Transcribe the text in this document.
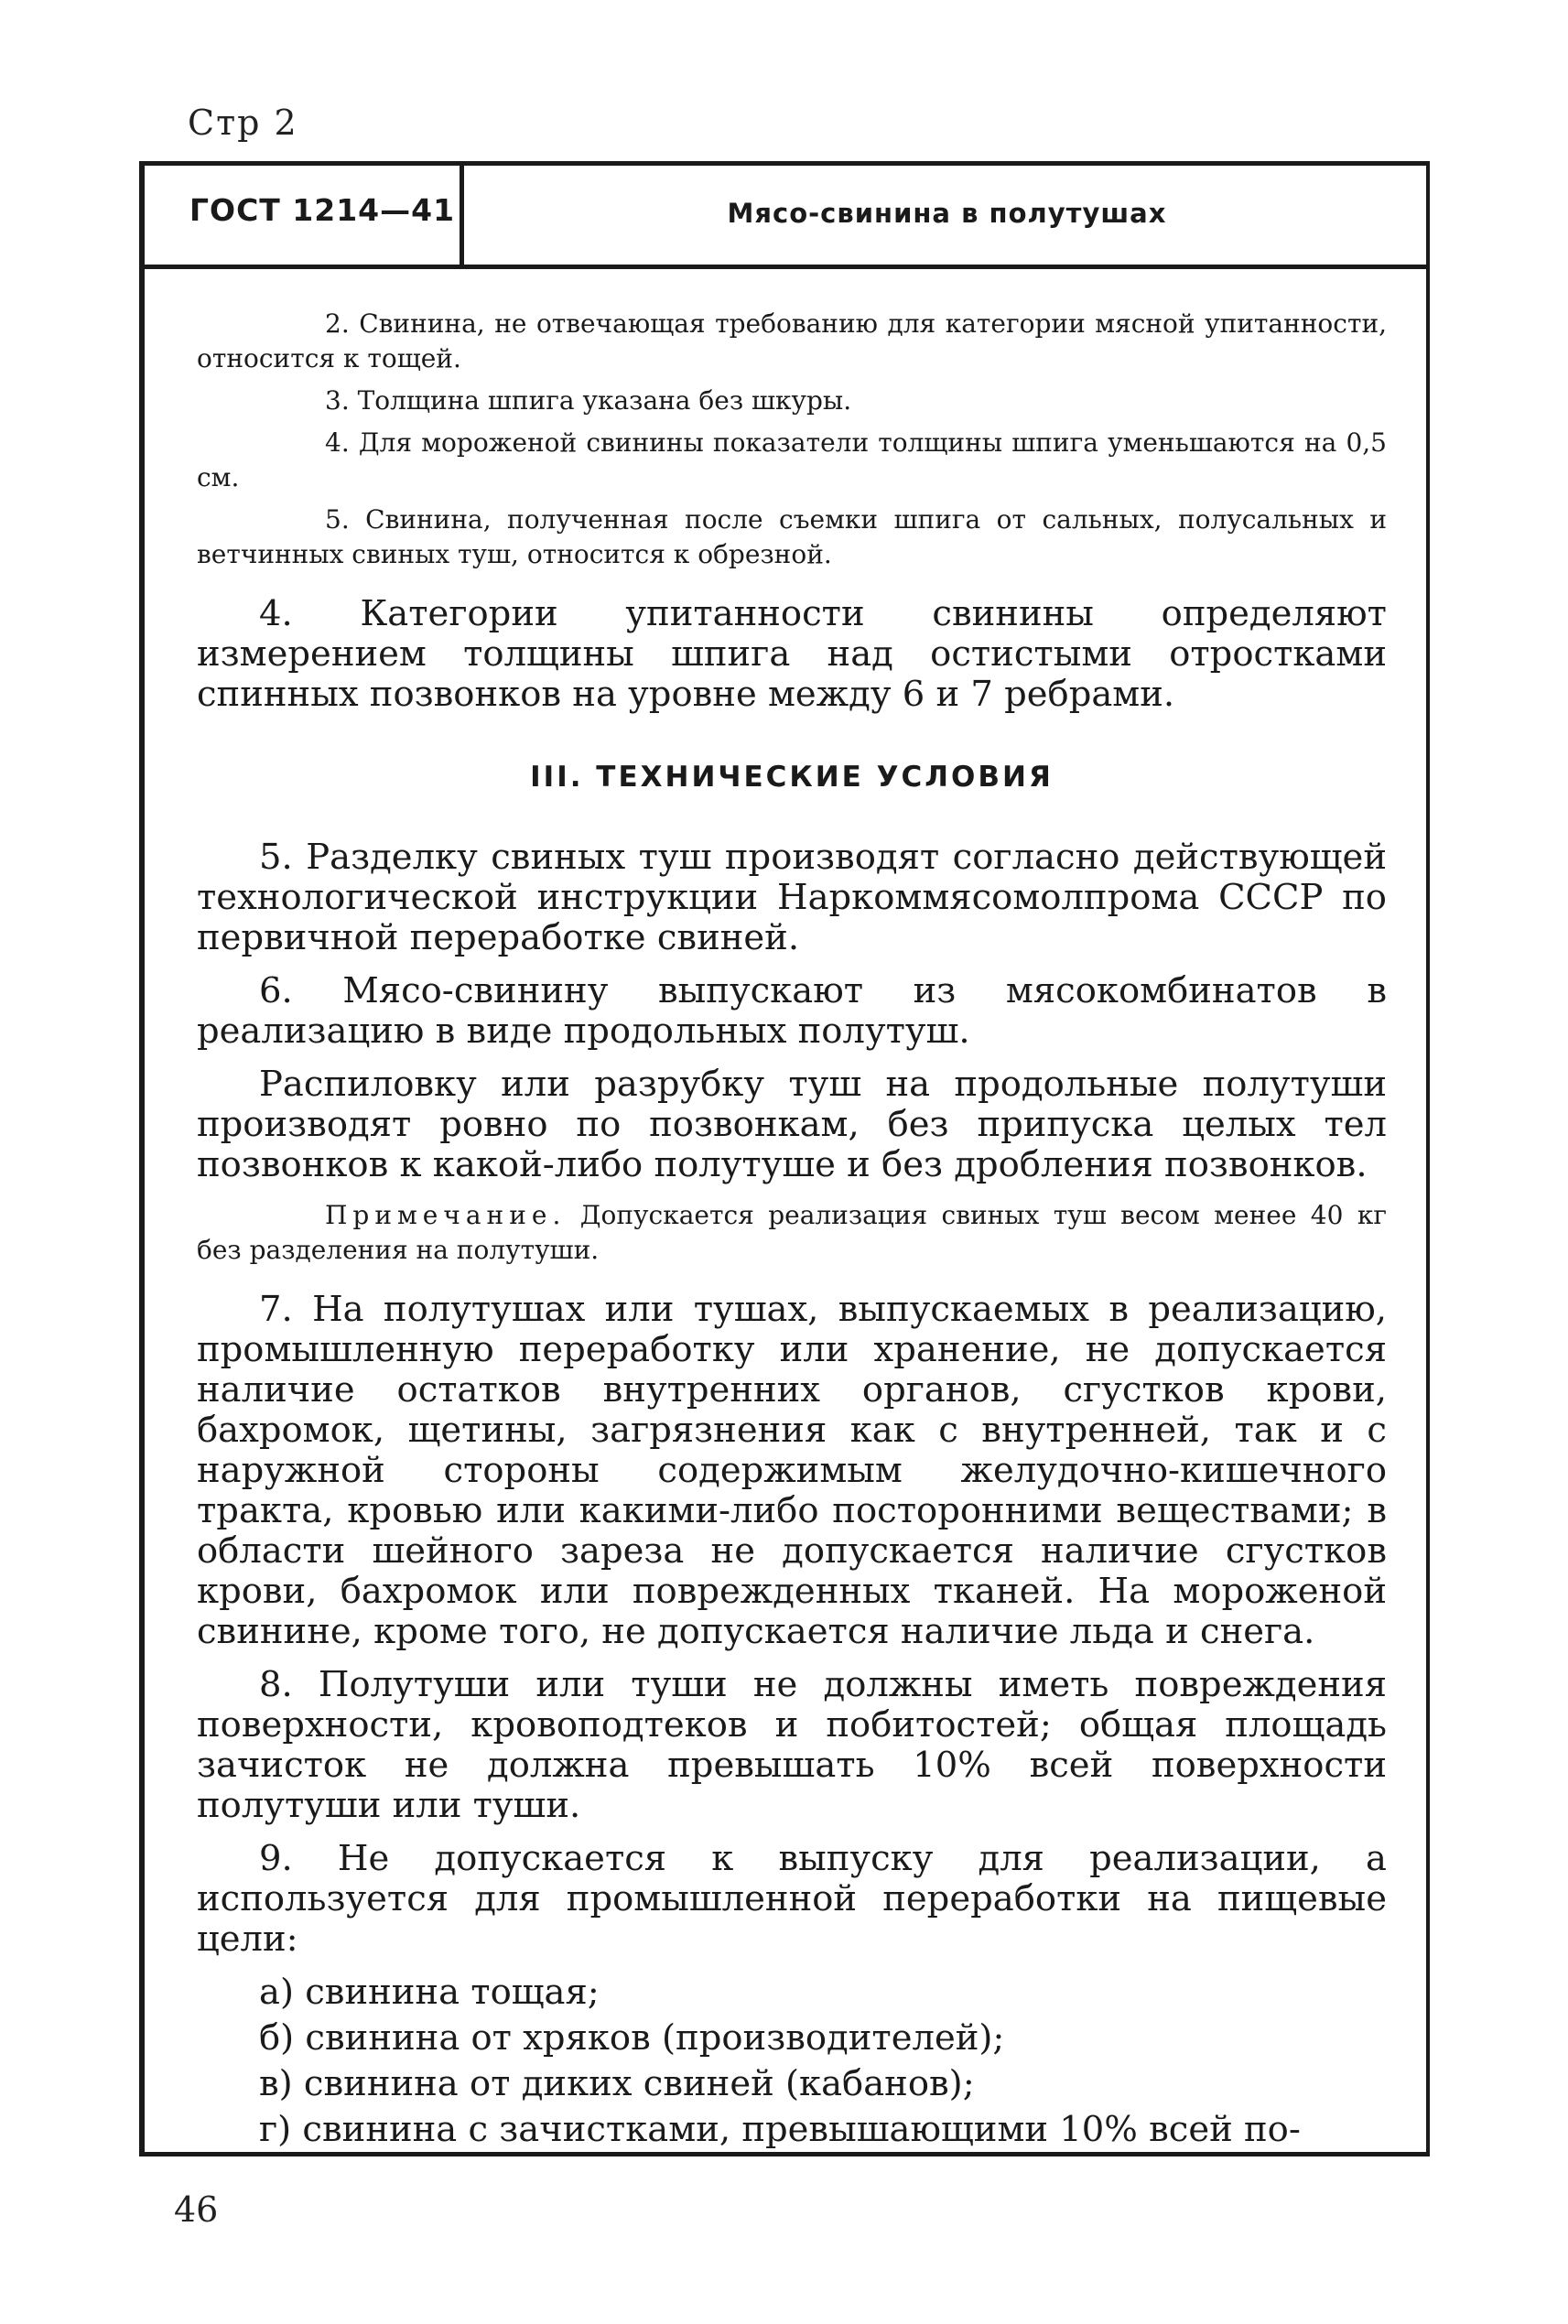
Стр 2
ГОСТ 1214—41	Мясо-свинина в полутушах

2. Свинина, не отвечающая требованию для категории мясной упитанности, относится к тощей.

3. Толщина шпига указана без шкуры.

4. Для мороженой свинины показатели толщины шпига уменьшаются на 0,5 см.

5. Свинина, полученная после съемки шпига от сальных, полусальных и ветчинных свиных туш, относится к обрезной.

4. Категории упитанности свинины определяют измерением толщины шпига над остистыми отростками спинных позвонков на уровне между 6 и 7 ребрами.

III. ТЕХНИЧЕСКИЕ УСЛОВИЯ

5. Разделку свиных туш производят согласно действующей технологической инструкции Наркоммясомолпрома СССР по первичной переработке свиней.

6. Мясо-свинину выпускают из мясокомбинатов в реализацию в виде продольных полутуш.

Распиловку или разрубку туш на продольные полутуши производят ровно по позвонкам, без припуска целых тел позвонков к какой-либо полутуше и без дробления позвонков.

Примечание. Допускается реализация свиных туш весом менее 40 кг без разделения на полутуши.

7. На полутушах или тушах, выпускаемых в реализацию, промышленную переработку или хранение, не допускается наличие остатков внутренних органов, сгустков крови, бахромок, щетины, загрязнения как с внутренней, так и с наружной стороны содержимым желудочно-кишечного тракта, кровью или какими-либо посторонними веществами; в области шейного зареза не допускается наличие сгустков крови, бахромок или поврежденных тканей. На мороженой свинине, кроме того, не допускается наличие льда и снега.

8. Полутуши или туши не должны иметь повреждения поверхности, кровоподтеков и побитостей; общая площадь зачисток не должна превышать 10% всей поверхности полутуши или туши.

9. Не допускается к выпуску для реализации, а используется для промышленной переработки на пищевые цели:

а) свинина тощая;
б) свинина от хряков (производителей);
в) свинина от диких свиней (кабанов);
г) свинина с зачистками, превышающими 10% всей по-
46
